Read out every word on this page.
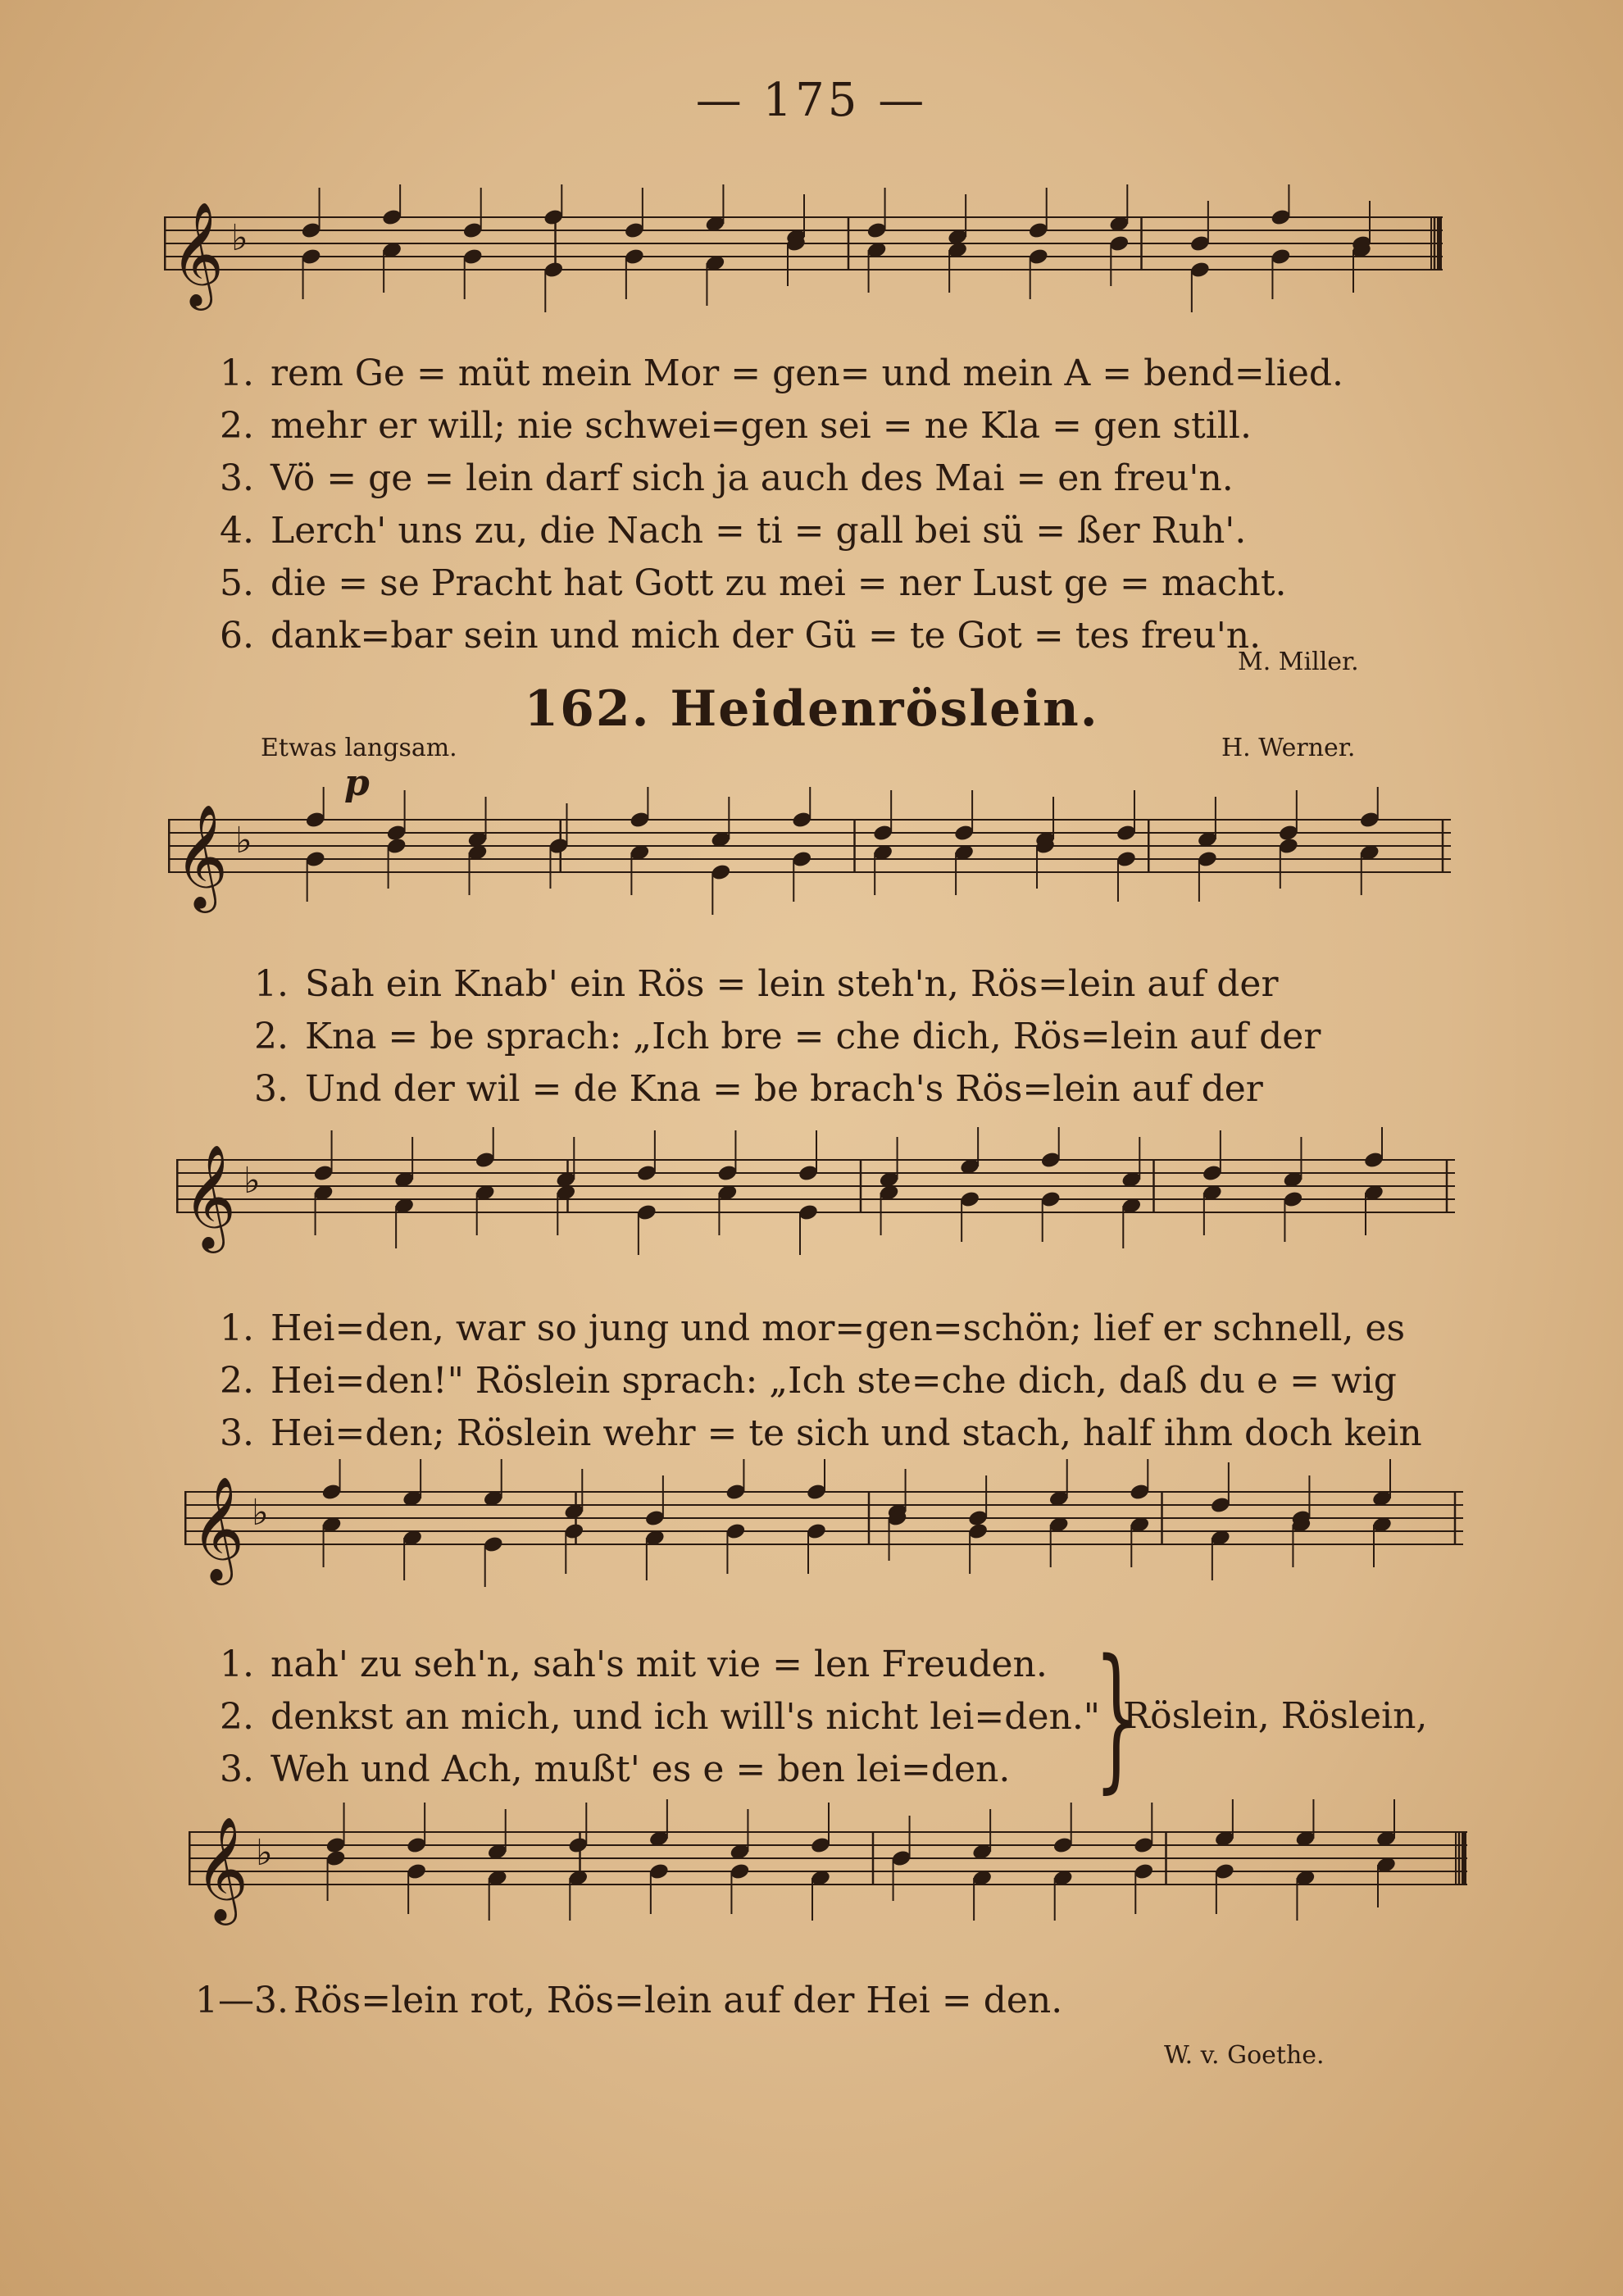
— 175 —
𝄞 ♭
1. rem Ge = müt mein Mor = gen= und mein A = bend=lied.
2. mehr er will; nie schwei=gen sei = ne Kla = gen still.
3. Vö = ge = lein darf sich ja auch des Mai = en freu'n.
4. Lerch' uns zu, die Nach = ti = gall bei sü = ßer Ruh'.
5. die = se Pracht hat Gott zu mei = ner Lust ge = macht.
6. dank=bar sein und mich der Gü = te Got = tes freu'n.
M. Miller.
162. Heidenröslein.
Etwas langsam.	H. Werner.
p
𝄞 ♭
1. Sah ein Knab' ein Rös = lein steh'n, Rös=lein auf der
2. Kna = be sprach: „Ich bre = che dich, Rös=lein auf der
3. Und der wil = de Kna = be brach's Rös=lein auf der
𝄞 ♭
1. Hei=den, war so jung und mor=gen=schön; lief er schnell, es
2. Hei=den!" Röslein sprach: „Ich ste=che dich, daß du e = wig
3. Hei=den; Röslein wehr = te sich und stach, half ihm doch kein
𝄞 ♭
1. nah' zu seh'n, sah's mit vie = len Freuden.
2. denkst an mich, und ich will's nicht lei=den."
3. Weh und Ach, mußt' es e = ben lei=den. }
Röslein, Röslein,
𝄞 ♭
1—3. Rös=lein rot, Rös=lein auf der Hei = den.
W. v. Goethe.
